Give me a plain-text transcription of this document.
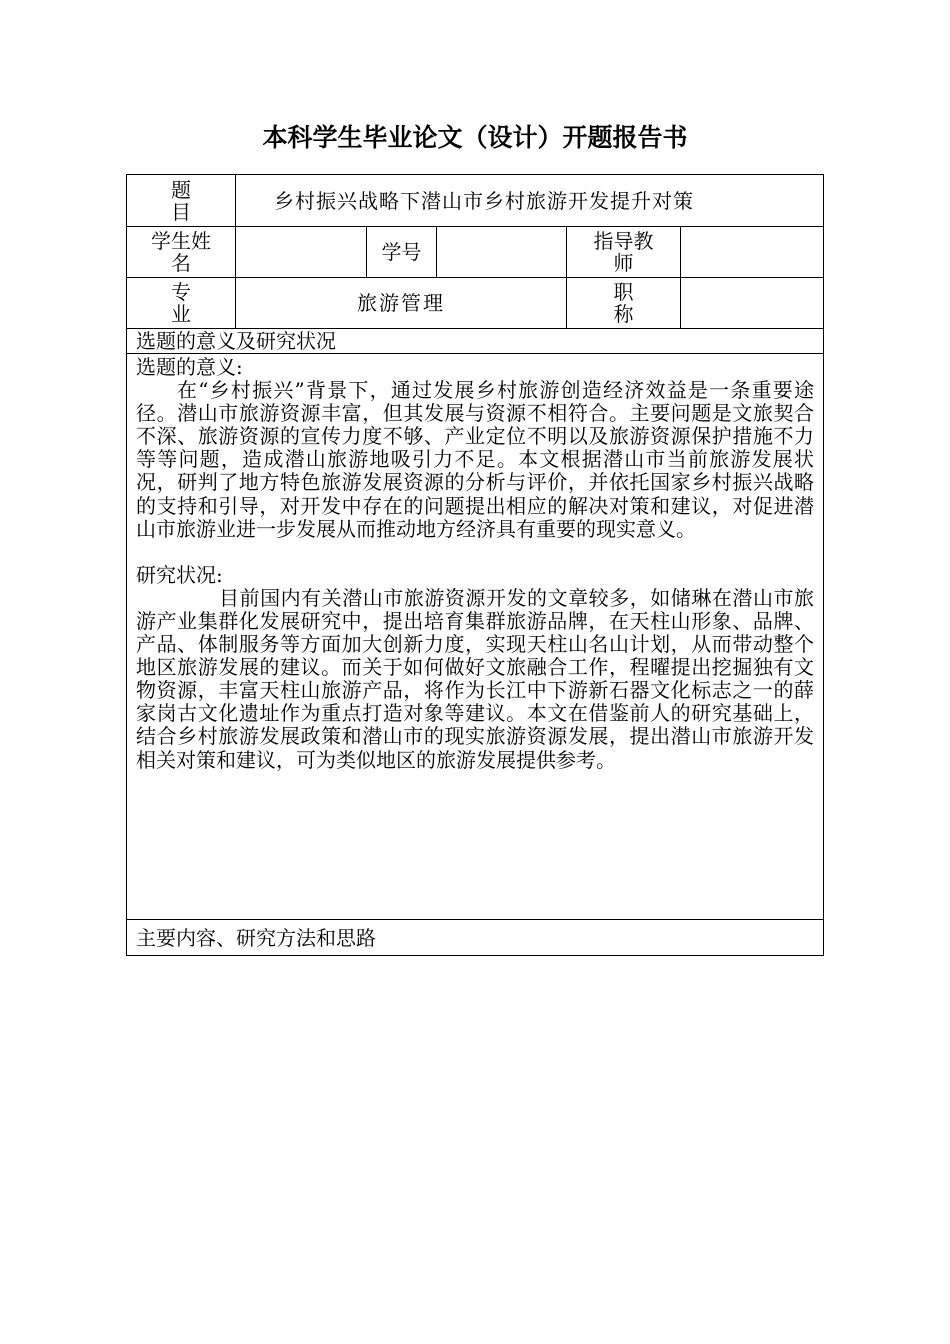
本科学生毕业论文（设计）开题报告书
题
目	乡村振兴战略下潜山市乡村旅游开发提升对策				

学生姓
名		学号		指导教
师	

专
业	旅游管理			职
称	

选题的意义及研究状况					

选题的意义:

在“乡村振兴”背景下，通过发展乡村旅游创造经济效益是一条重要途径。潜山市旅游资源丰富，但其发展与资源不相符合。主要问题是文旅契合不深、旅游资源的宣传力度不够、产业定位不明以及旅游资源保护措施不力等等问题，造成潜山旅游地吸引力不足。本文根据潜山市当前旅游发展状况，研判了地方特色旅游发展资源的分析与评价，并依托国家乡村振兴战略的支持和引导，对开发中存在的问题提出相应的解决对策和建议，对促进潜山市旅游业进一步发展从而推动地方经济具有重要的现实意义。

研究状况:

目前国内有关潜山市旅游资源开发的文章较多，如储琳在潜山市旅游产业集群化发展研究中，提出培育集群旅游品牌，在天柱山形象、品牌、产品、体制服务等方面加大创新力度，实现天柱山名山计划，从而带动整个地区旅游发展的建议。而关于如何做好文旅融合工作，程曜提出挖掘独有文物资源，丰富天柱山旅游产品，将作为长江中下游新石器文化标志之一的薛家岗古文化遗址作为重点打造对象等建议。本文在借鉴前人的研究基础上，结合乡村旅游发展政策和潜山市的现实旅游资源发展，提出潜山市旅游开发相关对策和建议，可为类似地区的旅游发展提供参考。					

主要内容、研究方法和思路					
